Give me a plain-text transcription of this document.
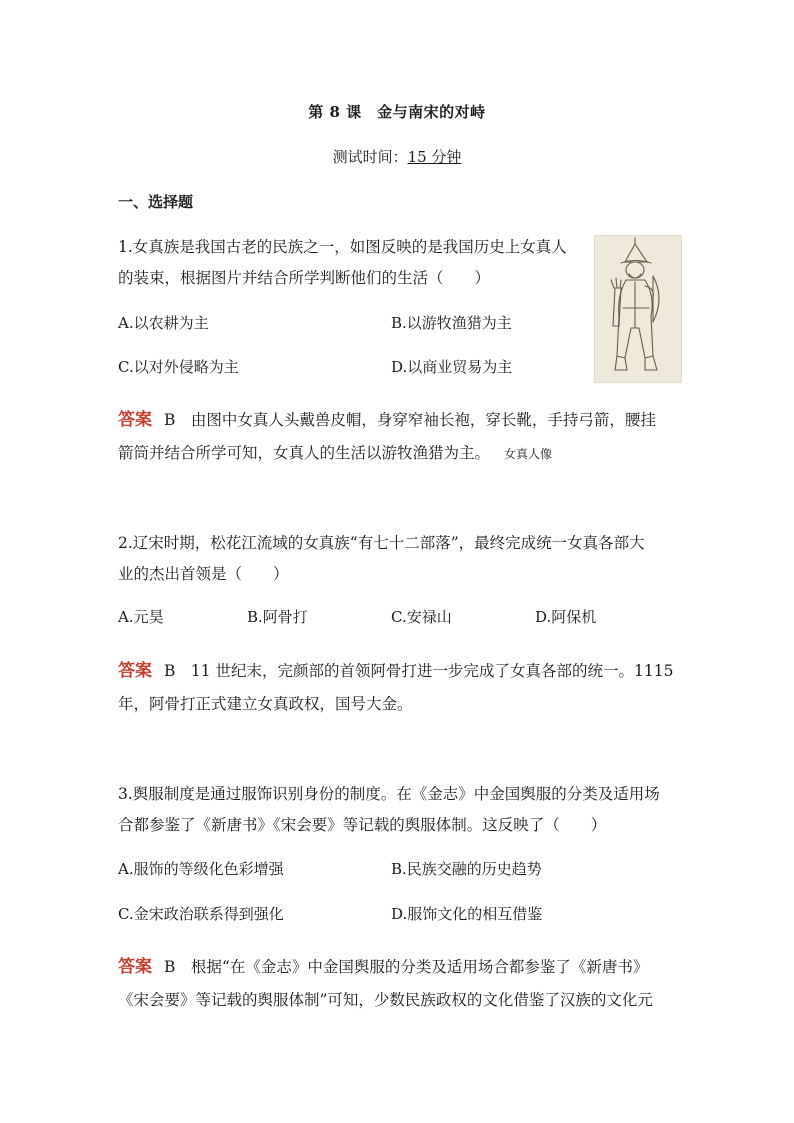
第 8 课　金与南宋的对峙
测试时间：15 分钟
一、选择题
1.女真族是我国古老的民族之一，如图反映的是我国历史上女真人
的装束，根据图片并结合所学判断他们的生活（　　）
A.以农耕为主	B.以游牧渔猎为主
C.以对外侵略为主	D.以商业贸易为主
答案 B　由图中女真人头戴兽皮帽，身穿窄袖长袍，穿长靴，手持弓箭，腰挂
箭筒并结合所学可知，女真人的生活以游牧渔猎为主。 女真人像
2.辽宋时期，松花江流域的女真族“有七十二部落”，最终完成统一女真各部大
业的杰出首领是（　　）
A.元昊	B.阿骨打	C.安禄山	D.阿保机
答案 B　11 世纪末，完颜部的首领阿骨打进一步完成了女真各部的统一。1115
年，阿骨打正式建立女真政权，国号大金。
3.舆服制度是通过服饰识别身份的制度。在《金志》中金国舆服的分类及适用场
合都参鉴了《新唐书》《宋会要》等记载的舆服体制。这反映了（　　）
A.服饰的等级化色彩增强	B.民族交融的历史趋势
C.金宋政治联系得到强化	D.服饰文化的相互借鉴
答案 B　根据“在《金志》中金国舆服的分类及适用场合都参鉴了《新唐书》
《宋会要》等记载的舆服体制”可知，少数民族政权的文化借鉴了汉族的文化元
